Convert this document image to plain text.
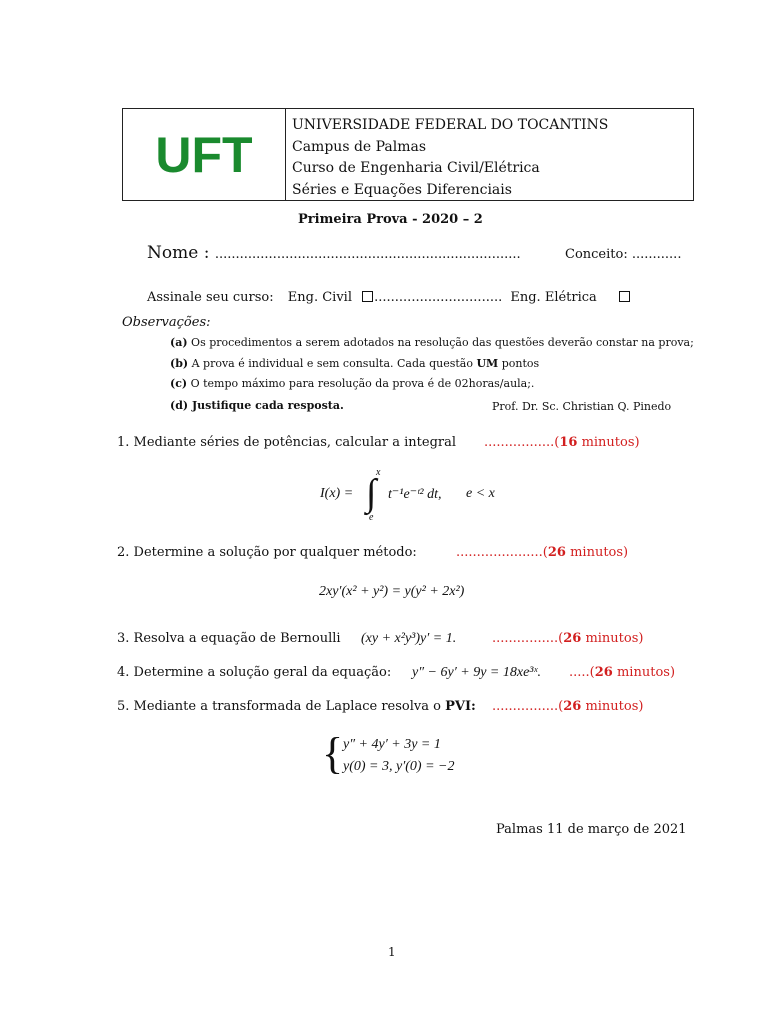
UFT
UNIVERSIDADE FEDERAL DO TOCANTINS
Campus de Palmas
Curso de Engenharia Civil/Elétrica
Séries e Equações Diferenciais
Primeira Prova - 2020 – 2
Nome : ..........................................................................	Conceito: ............
Assinale seu curso: Eng. Civil ............................... Eng. Elétrica
Observações:
(a) Os procedimentos a serem adotados na resolução das questões deverão constar na prova;
(b) A prova é individual e sem consulta. Cada questão UM pontos
(c) O tempo máximo para resolução da prova é de 02horas/aula;.
(d) Justifique cada resposta.	Prof. Dr. Sc. Christian Q. Pinedo
1. Mediante séries de potências, calcular a integral .................(16 minutos)
I(x) = ∫ x
e
t⁻¹e⁻ᵗ² dt, e < x
2. Determine a solução por qualquer método:	.....................(26 minutos)
2xy′(x² + y²) = y(y² + 2x²)
3. Resolva a equação de Bernoulli (xy + x²y³)y′ = 1.	................(26 minutos)
4. Determine a solução geral da equação: y″ − 6y′ + 9y = 18xe³ˣ. .....(26 minutos)
5. Mediante a transformada de Laplace resolva o PVI: ................(26 minutos)
{ y″ + 4y′ + 3y = 1
y(0) = 3, y′(0) = −2
Palmas 11 de março de 2021
1
